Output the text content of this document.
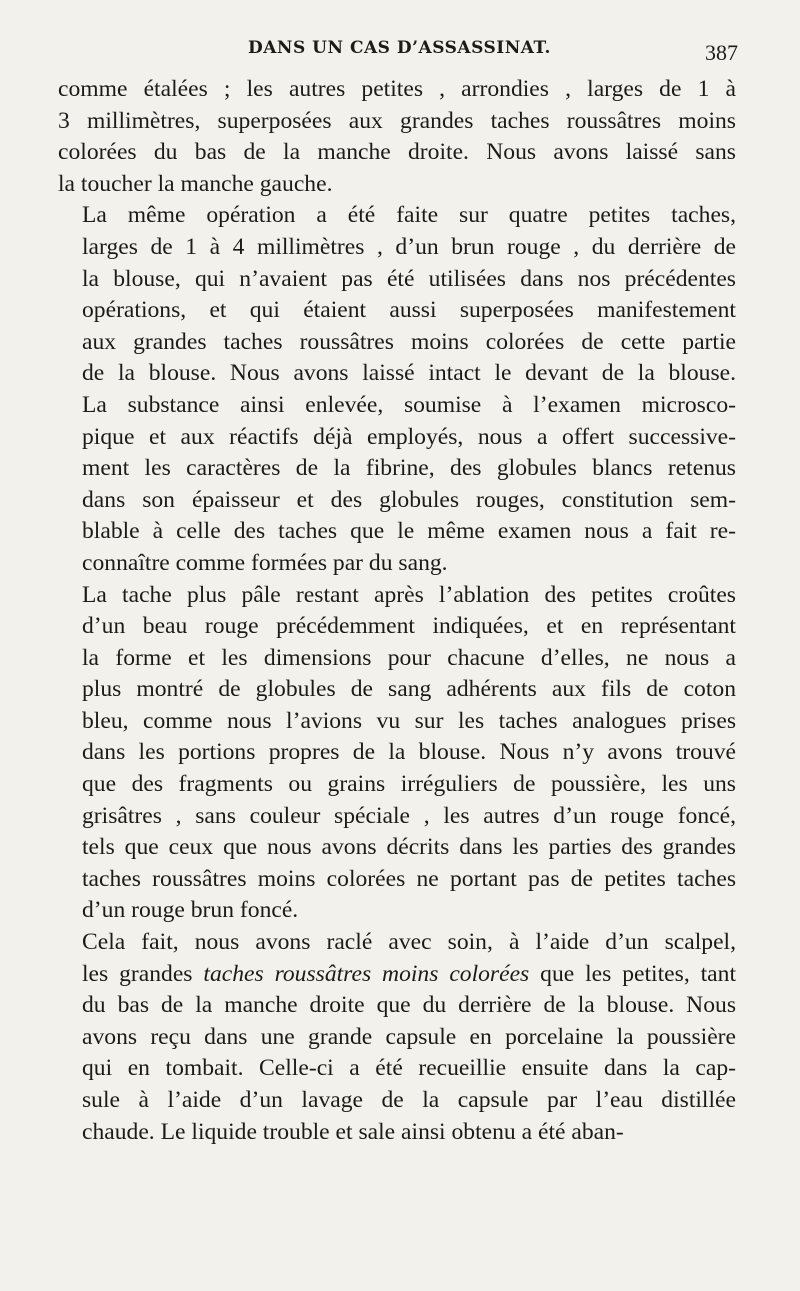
DANS UN CAS D’ASSASSINAT.	387
comme étalées ; les autres petites , arrondies , larges de 1 à
3 millimètres, superposées aux grandes taches roussâtres moins
colorées du bas de la manche droite. Nous avons laissé sans
la toucher la manche gauche.
La même opération a été faite sur quatre petites taches,
larges de 1 à 4 millimètres , d’un brun rouge , du derrière de
la blouse, qui n’avaient pas été utilisées dans nos précédentes
opérations, et qui étaient aussi superposées manifestement
aux grandes taches roussâtres moins colorées de cette partie
de la blouse. Nous avons laissé intact le devant de la blouse.
La substance ainsi enlevée, soumise à l’examen microsco-
pique et aux réactifs déjà employés, nous a offert successive-
ment les caractères de la fibrine, des globules blancs retenus
dans son épaisseur et des globules rouges, constitution sem-
blable à celle des taches que le même examen nous a fait re-
connaître comme formées par du sang.
La tache plus pâle restant après l’ablation des petites croûtes
d’un beau rouge précédemment indiquées, et en représentant
la forme et les dimensions pour chacune d’elles, ne nous a
plus montré de globules de sang adhérents aux fils de coton
bleu, comme nous l’avions vu sur les taches analogues prises
dans les portions propres de la blouse. Nous n’y avons trouvé
que des fragments ou grains irréguliers de poussière, les uns
grisâtres , sans couleur spéciale , les autres d’un rouge foncé,
tels que ceux que nous avons décrits dans les parties des grandes
taches roussâtres moins colorées ne portant pas de petites taches
d’un rouge brun foncé.
Cela fait, nous avons raclé avec soin, à l’aide d’un scalpel,
les grandes taches roussâtres moins colorées que les petites, tant
du bas de la manche droite que du derrière de la blouse. Nous
avons reçu dans une grande capsule en porcelaine la poussière
qui en tombait. Celle-ci a été recueillie ensuite dans la cap-
sule à l’aide d’un lavage de la capsule par l’eau distillée
chaude. Le liquide trouble et sale ainsi obtenu a été aban-
